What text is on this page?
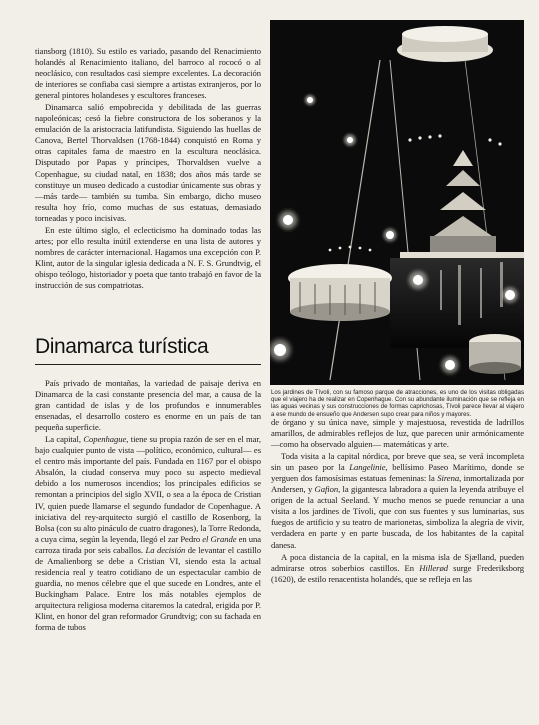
tiansborg (1810). Su estilo es variado, pasando del Renacimiento holandés al Renacimiento italiano, del barroco al rococó o al neoclásico, con resultados casi siempre excelentes. La decoración de interiores se confiaba casi siempre a artistas extranjeros, por lo general pintores holandeses y escultores franceses.

Dinamarca salió empobrecida y debilitada de las guerras napoleónicas; cesó la fiebre constructora de los soberanos y la emulación de la aristocracia latifundista. Siguiendo las huellas de Canova, Bertel Thorvaldsen (1768-1844) conquistó en Roma y otras capitales fama de maestro en la escultura neoclásica. Disputado por Papas y príncipes, Thorvaldsen vuelve a Copenhague, su ciudad natal, en 1838; dos años más tarde se constituye un museo dedicado a custodiar únicamente sus obras y —más tarde— también su tumba. Sin embargo, dicho museo resulta hoy frío, como muchas de sus estatuas, demasiado torneadas y poco incisivas.

En este último siglo, el eclecticismo ha dominado todas las artes; por ello resulta inútil extenderse en una lista de autores y nombres de carácter internacional. Hagamos una excepción con P. Klint, autor de la singular iglesia dedicada a N. F. S. Grundtvig, el obispo teólogo, historiador y poeta que tanto trabajó en favor de la instrucción de sus compatriotas.

Dinamarca turística

País privado de montañas, la variedad de paisaje deriva en Dinamarca de la casi constante presencia del mar, a causa de la gran cantidad de islas y de los profundos e innumerables ensenadas, el desarrollo costero es enorme en un país de tan pequeña superficie.

La capital, Copenhague, tiene su propia razón de ser en el mar, bajo cualquier punto de vista —político, económico, cultural— es el centro más importante del país. Fundada en 1167 por el obispo Absalón, la ciudad conserva muy poco su aspecto medieval debido a los numerosos incendios; los principales edificios se remontan a principios del siglo XVII, o sea a la época de Cristian IV, quien puede llamarse el segundo fundador de Copenhague. A iniciativa del rey-arquitecto surgió el castillo de Rosenborg, la Bolsa (con su alto pináculo de cuatro dragones), la Torre Redonda, a cuya cima, según la leyenda, llegó el zar Pedro el Grande en una carroza tirada por seis caballos. La decisión de levantar el castillo de Amalienborg se debe a Cristian VI, siendo esta la actual residencia real y teatro cotidiano de un espectacular cambio de guardia, no menos célebre que el que sucede en Londres, ante el Buckingham Palace. Entre los más notables ejemplos de arquitectura religiosa moderna citaremos la catedral, erigida por P. Klint, en honor del gran reformador Grundtvig; con su fachada en forma de tubos

Los jardines de Tívoli, con su famoso parque de atracciones, es uno de los visitas obligadas que el viajero ha de realizar en Copenhague. Con su abundante iluminación que se refleja en las aguas vecinas y sus construcciones de formas caprichosas, Tívoli parece llevar al viajero a ese mundo de ensueño que Andersen supo crear para niños y mayores.

de órgano y su única nave, simple y majestuosa, revestida de ladrillos amarillos, de admirables reflejos de luz, que parecen unir armónicamente —como ha observado alguien— matemáticas y arte.

Toda visita a la capital nórdica, por breve que sea, se verá incompleta sin un paseo por la Langelinie, bellísimo Paseo Marítimo, donde se yerguen dos famosísimas estatuas femeninas: la Sirena, inmortalizada por Andersen, y Gafion, la gigantesca labradora a quien la leyenda atribuye el origen de la actual Seeland. Y mucho menos se puede renunciar a una visita a los jardines de Tívoli, que con sus fuentes y sus luminarias, sus fuegos de artificio y su teatro de marionetas, simboliza la alegría de vivir, verdadera en parte y en parte buscada, de los habitantes de la capital danesa.

A poca distancia de la capital, en la misma isla de Sjælland, pueden admirarse otros soberbios castillos. En Hillerød surge Frederiksborg (1620), de estilo renacentista holandés, que se refleja en las
